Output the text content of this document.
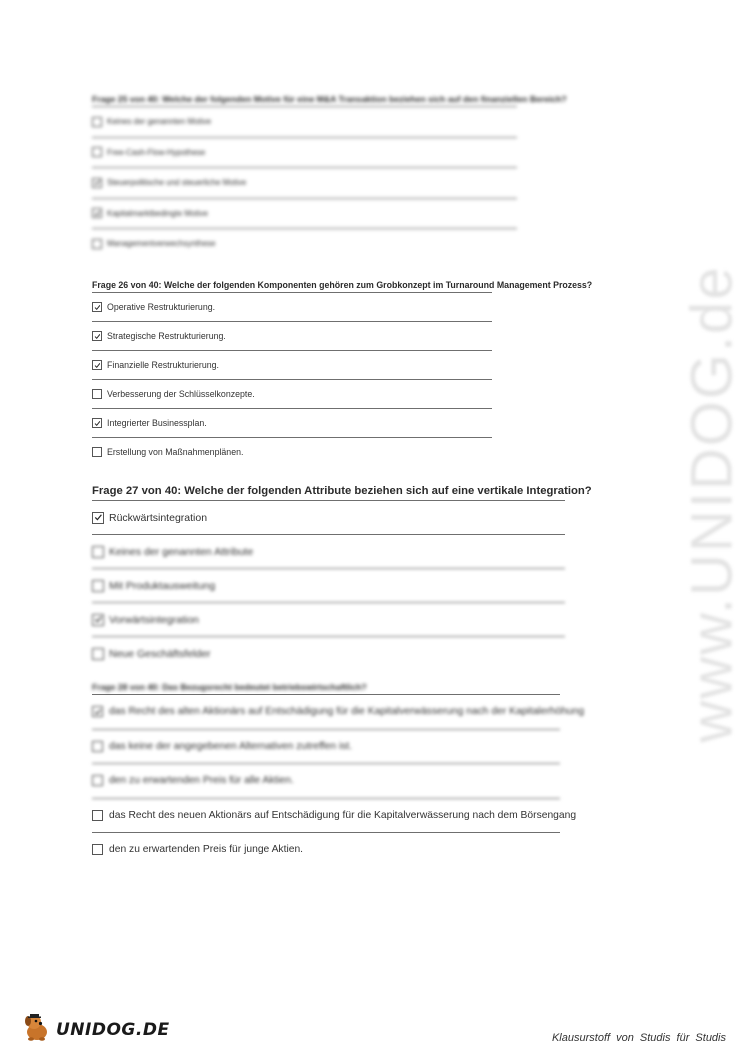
www.UNIDOG.de
Frage 25 von 40: Welche der folgenden Motive für eine M&A Transaktion beziehen sich auf den finanziellen Bereich?
Keines der genannten Motive
Free-Cash-Flow-Hypothese
Steuerpolitische und steuerliche Motive
Kapitalmarktbedingte Motive
Managementverwechsynthese
Frage 26 von 40: Welche der folgenden Komponenten gehören zum Grobkonzept im Turnaround Management Prozess?
Operative Restrukturierung.
Strategische Restrukturierung.
Finanzielle Restrukturierung.
Verbesserung der Schlüsselkonzepte.
Integrierter Businessplan.
Erstellung von Maßnahmenplänen.
Frage 27 von 40: Welche der folgenden Attribute beziehen sich auf eine vertikale Integration?
Rückwärtsintegration
Keines der genannten Attribute
Mit Produktausweitung
Vorwärtsintegration
Neue Geschäftsfelder
Frage 28 von 40: Das Bezugsrecht bedeutet betriebswirtschaftlich?
das Recht des alten Aktionärs auf Entschädigung für die Kapitalverwässerung nach der Kapitalerhöhung
das keine der angegebenen Alternativen zutreffen ist.
den zu erwartenden Preis für alle Aktien.
das Recht des neuen Aktionärs auf Entschädigung für die Kapitalverwässerung nach dem Börsengang
den zu erwartenden Preis für junge Aktien.
UNIDOG.DE	Klausurstoff von Studis für Studis
